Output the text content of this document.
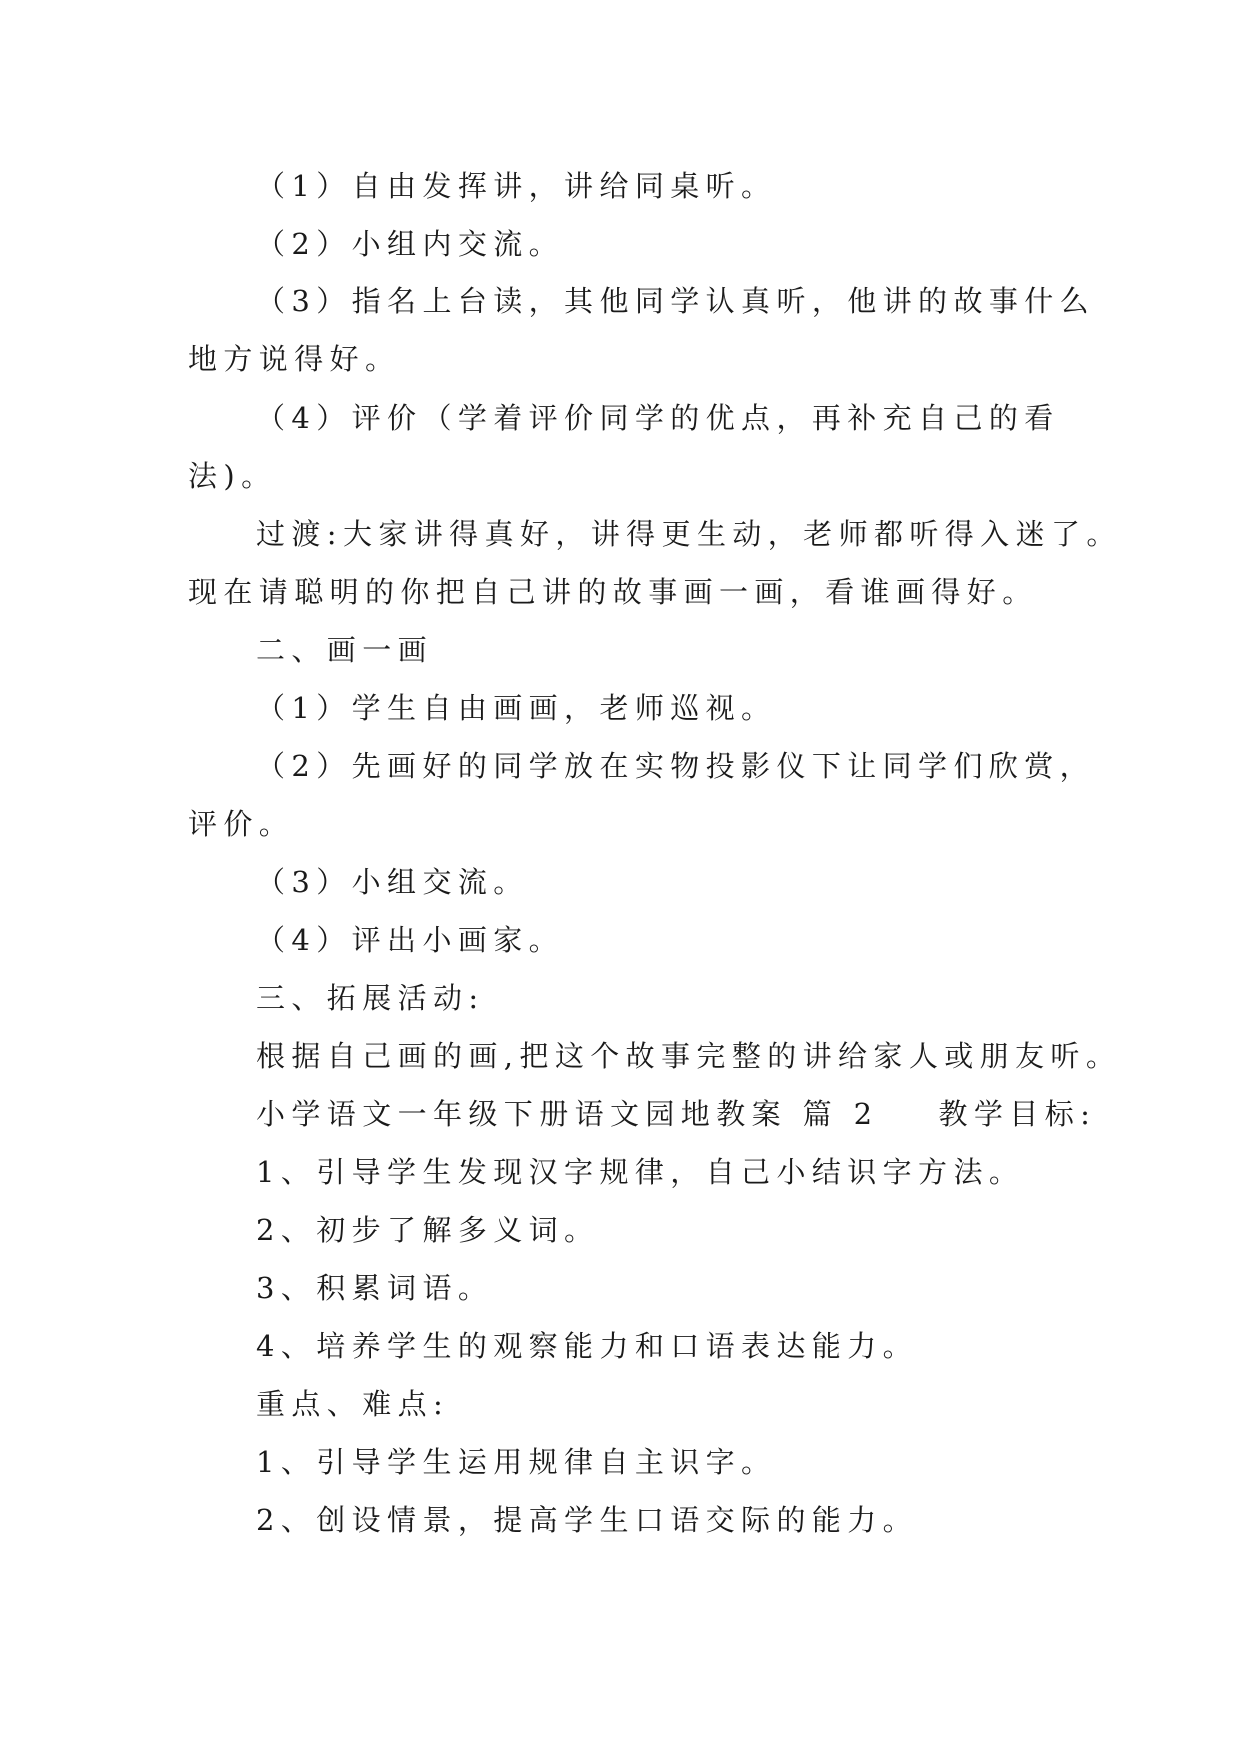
（1）自由发挥讲，讲给同桌听。
（2）小组内交流。
（3）指名上台读，其他同学认真听，他讲的故事什么
地方说得好。
（4）评价（学着评价同学的优点，再补充自己的看
法)。
过渡:大家讲得真好，讲得更生动，老师都听得入迷了。
现在请聪明的你把自己讲的故事画一画，看谁画得好。
二、画一画
（1）学生自由画画，老师巡视。
（2）先画好的同学放在实物投影仪下让同学们欣赏，
评价。
（3）小组交流。
（4）评出小画家。
三、拓展活动:
根据自己画的画,把这个故事完整的讲给家人或朋友听。
小学语文一年级下册语文园地教案 篇 2 教学目标:
1、引导学生发现汉字规律，自己小结识字方法。
2、初步了解多义词。
3、积累词语。
4、培养学生的观察能力和口语表达能力。
重点、难点:
1、引导学生运用规律自主识字。
2、创设情景，提高学生口语交际的能力。
